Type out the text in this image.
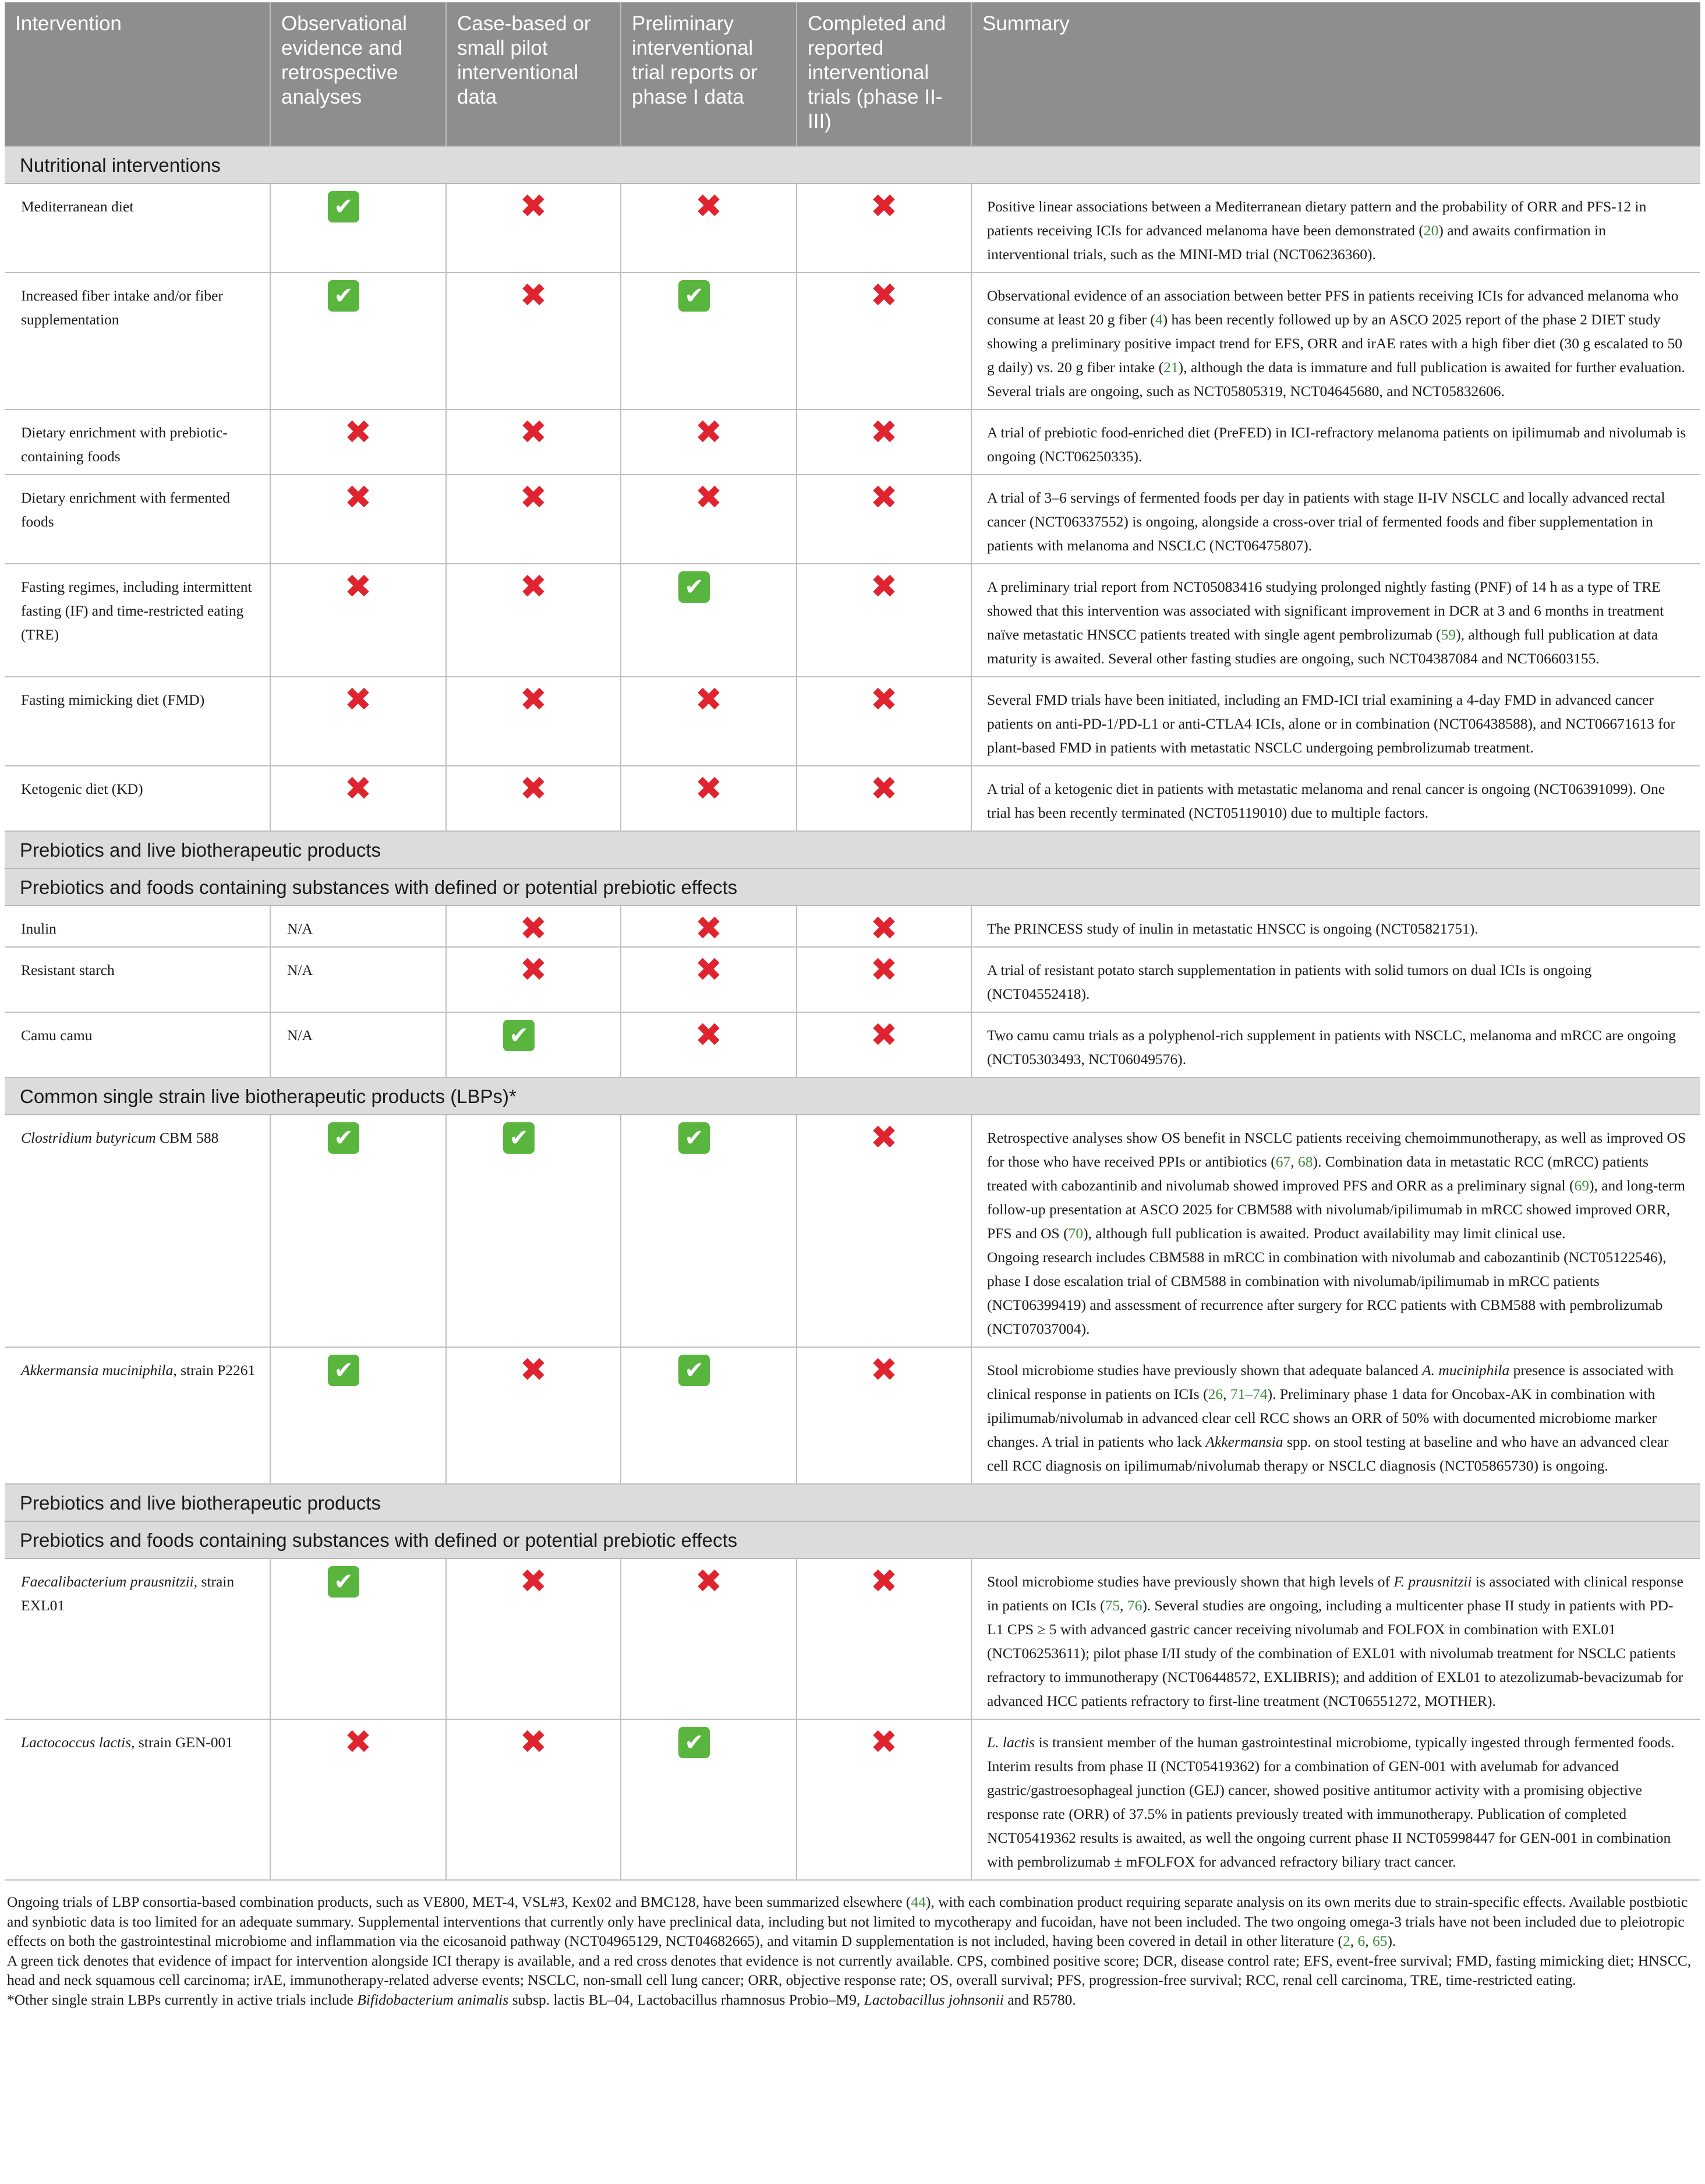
Intervention	Observational evidence and retrospective analyses	Case-based or small pilot interventional data	Preliminary interventional trial reports or phase I data	Completed and reported interventional trials (phase II-III)	Summary
Nutritional interventions					
Mediterranean diet	✔	✖	✖	✖	Positive linear associations between a Mediterranean dietary pattern and the probability of ORR and PFS-12 in patients receiving ICIs for advanced melanoma have been demonstrated (20) and awaits confirmation in interventional trials, such as the MINI-MD trial (NCT06236360).
Increased fiber intake and/or fiber supplementation	✔	✖	✔	✖	Observational evidence of an association between better PFS in patients receiving ICIs for advanced melanoma who consume at least 20 g fiber (4) has been recently followed up by an ASCO 2025 report of the phase 2 DIET study showing a preliminary positive impact trend for EFS, ORR and irAE rates with a high fiber diet (30 g escalated to 50 g daily) vs. 20 g fiber intake (21), although the data is immature and full publication is awaited for further evaluation. Several trials are ongoing, such as NCT05805319, NCT04645680, and NCT05832606.
Dietary enrichment with prebiotic-containing foods	✖	✖	✖	✖	A trial of prebiotic food-enriched diet (PreFED) in ICI-refractory melanoma patients on ipilimumab and nivolumab is ongoing (NCT06250335).
Dietary enrichment with fermented foods	✖	✖	✖	✖	A trial of 3–6 servings of fermented foods per day in patients with stage II-IV NSCLC and locally advanced rectal cancer (NCT06337552) is ongoing, alongside a cross-over trial of fermented foods and fiber supplementation in patients with melanoma and NSCLC (NCT06475807).
Fasting regimes, including intermittent fasting (IF) and time-restricted eating (TRE)	✖	✖	✔	✖	A preliminary trial report from NCT05083416 studying prolonged nightly fasting (PNF) of 14 h as a type of TRE showed that this intervention was associated with significant improvement in DCR at 3 and 6 months in treatment naïve metastatic HNSCC patients treated with single agent pembrolizumab (59), although full publication at data maturity is awaited. Several other fasting studies are ongoing, such NCT04387084 and NCT06603155.
Fasting mimicking diet (FMD)	✖	✖	✖	✖	Several FMD trials have been initiated, including an FMD-ICI trial examining a 4-day FMD in advanced cancer patients on anti-PD-1/PD-L1 or anti-CTLA4 ICIs, alone or in combination (NCT06438588), and NCT06671613 for plant-based FMD in patients with metastatic NSCLC undergoing pembrolizumab treatment.
Ketogenic diet (KD)	✖	✖	✖	✖	A trial of a ketogenic diet in patients with metastatic melanoma and renal cancer is ongoing (NCT06391099). One trial has been recently terminated (NCT05119010) due to multiple factors.
Prebiotics and live biotherapeutic products					
Prebiotics and foods containing substances with defined or potential prebiotic effects					
Inulin	N/A	✖	✖	✖	The PRINCESS study of inulin in metastatic HNSCC is ongoing (NCT05821751).
Resistant starch	N/A	✖	✖	✖	A trial of resistant potato starch supplementation in patients with solid tumors on dual ICIs is ongoing (NCT04552418).
Camu camu	N/A	✔	✖	✖	Two camu camu trials as a polyphenol-rich supplement in patients with NSCLC, melanoma and mRCC are ongoing (NCT05303493, NCT06049576).
Common single strain live biotherapeutic products (LBPs)*					
Clostridium butyricum CBM 588	✔	✔	✔	✖	Retrospective analyses show OS benefit in NSCLC patients receiving chemoimmunotherapy, as well as improved OS for those who have received PPIs or antibiotics (67, 68). Combination data in metastatic RCC (mRCC) patients treated with cabozantinib and nivolumab showed improved PFS and ORR as a preliminary signal (69), and long-term follow-up presentation at ASCO 2025 for CBM588 with nivolumab/ipilimumab in mRCC showed improved ORR, PFS and OS (70), although full publication is awaited. Product availability may limit clinical use.
Ongoing research includes CBM588 in mRCC in combination with nivolumab and cabozantinib (NCT05122546), phase I dose escalation trial of CBM588 in combination with nivolumab/ipilimumab in mRCC patients (NCT06399419) and assessment of recurrence after surgery for RCC patients with CBM588 with pembrolizumab (NCT07037004).
Akkermansia muciniphila, strain P2261	✔	✖	✔	✖	Stool microbiome studies have previously shown that adequate balanced A. muciniphila presence is associated with clinical response in patients on ICIs (26, 71–74). Preliminary phase 1 data for Oncobax-AK in combination with ipilimumab/nivolumab in advanced clear cell RCC shows an ORR of 50% with documented microbiome marker changes. A trial in patients who lack Akkermansia spp. on stool testing at baseline and who have an advanced clear cell RCC diagnosis on ipilimumab/nivolumab therapy or NSCLC diagnosis (NCT05865730) is ongoing.
Prebiotics and live biotherapeutic products					
Prebiotics and foods containing substances with defined or potential prebiotic effects					
Faecalibacterium prausnitzii, strain EXL01	✔	✖	✖	✖	Stool microbiome studies have previously shown that high levels of F. prausnitzii is associated with clinical response in patients on ICIs (75, 76). Several studies are ongoing, including a multicenter phase II study in patients with PD-L1 CPS ≥ 5 with advanced gastric cancer receiving nivolumab and FOLFOX in combination with EXL01 (NCT06253611); pilot phase I/II study of the combination of EXL01 with nivolumab treatment for NSCLC patients refractory to immunotherapy (NCT06448572, EXLIBRIS); and addition of EXL01 to atezolizumab-bevacizumab for advanced HCC patients refractory to first-line treatment (NCT06551272, MOTHER).
Lactococcus lactis, strain GEN-001	✖	✖	✔	✖	L. lactis is transient member of the human gastrointestinal microbiome, typically ingested through fermented foods. Interim results from phase II (NCT05419362) for a combination of GEN-001 with avelumab for advanced gastric/gastroesophageal junction (GEJ) cancer, showed positive antitumor activity with a promising objective response rate (ORR) of 37.5% in patients previously treated with immunotherapy. Publication of completed NCT05419362 results is awaited, as well the ongoing current phase II NCT05998447 for GEN-001 in combination with pembrolizumab ± mFOLFOX for advanced refractory biliary tract cancer.

Ongoing trials of LBP consortia-based combination products, such as VE800, MET-4, VSL#3, Kex02 and BMC128, have been summarized elsewhere (44), with each combination product requiring separate analysis on its own merits due to strain-specific effects. Available postbiotic and synbiotic data is too limited for an adequate summary. Supplemental interventions that currently only have preclinical data, including but not limited to mycotherapy and fucoidan, have not been included. The two ongoing omega-3 trials have not been included due to pleiotropic effects on both the gastrointestinal microbiome and inflammation via the eicosanoid pathway (NCT04965129, NCT04682665), and vitamin D supplementation is not included, having been covered in detail in other literature (2, 6, 65).

A green tick denotes that evidence of impact for intervention alongside ICI therapy is available, and a red cross denotes that evidence is not currently available. CPS, combined positive score; DCR, disease control rate; EFS, event-free survival; FMD, fasting mimicking diet; HNSCC, head and neck squamous cell carcinoma; irAE, immunotherapy-related adverse events; NSCLC, non-small cell lung cancer; ORR, objective response rate; OS, overall survival; PFS, progression-free survival; RCC, renal cell carcinoma, TRE, time-restricted eating.

*Other single strain LBPs currently in active trials include Bifidobacterium animalis subsp. lactis BL–04, Lactobacillus rhamnosus Probio–M9, Lactobacillus johnsonii and R5780.
